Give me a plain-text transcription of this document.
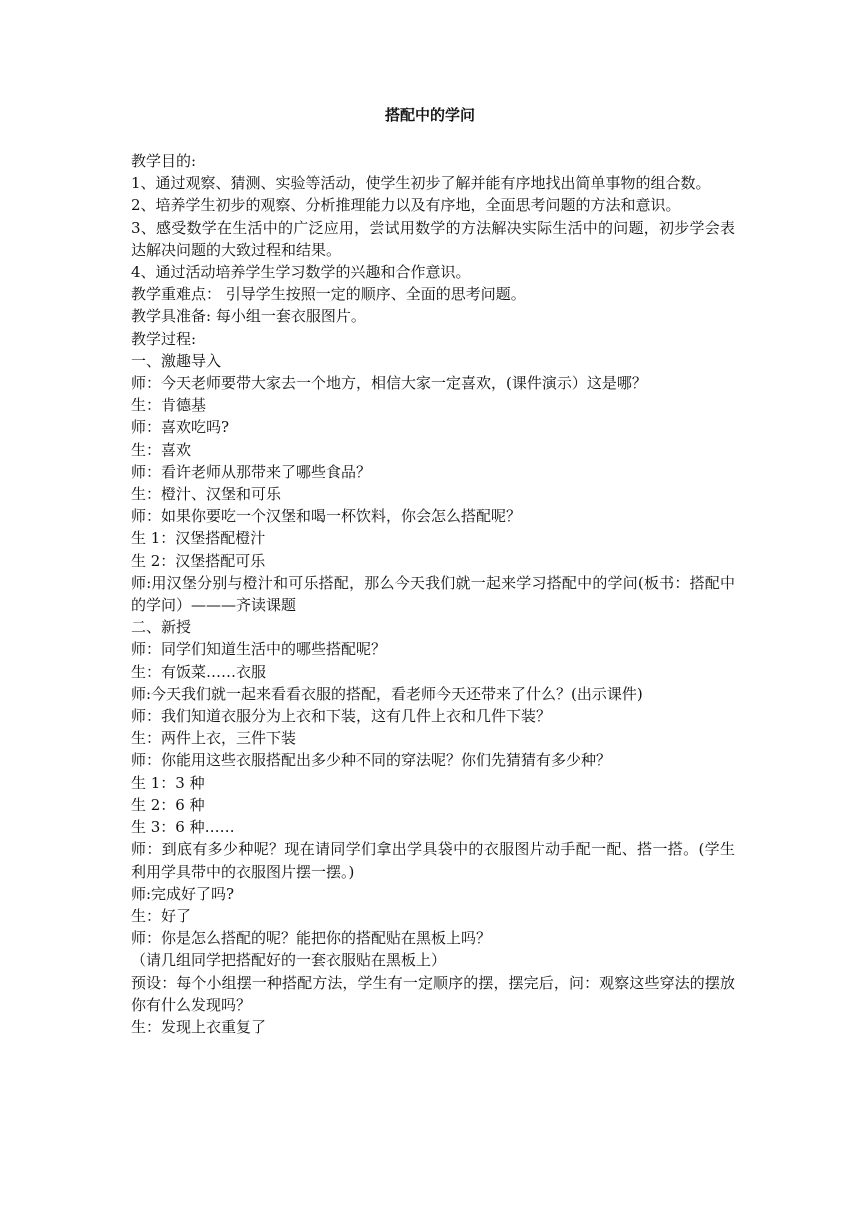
搭配中的学问

教学目的:

1、通过观察、猜测、实验等活动，使学生初步了解并能有序地找出简单事物的组合数。

2、培养学生初步的观察、分析推理能力以及有序地，全面思考问题的方法和意识。

3、感受数学在生活中的广泛应用，尝试用数学的方法解决实际生活中的问题，初步学会表达解决问题的大致过程和结果。

4、通过活动培养学生学习数学的兴趣和合作意识。

教学重难点： 引导学生按照一定的顺序、全面的思考问题。

教学具准备: 每小组一套衣服图片。

教学过程:

一、激趣导入

师：今天老师要带大家去一个地方，相信大家一定喜欢，(课件演示）这是哪？

生：肯德基

师：喜欢吃吗?

生：喜欢

师：看许老师从那带来了哪些食品？

生：橙汁、汉堡和可乐

师：如果你要吃一个汉堡和喝一杯饮料，你会怎么搭配呢？

生 1：汉堡搭配橙汁

生 2：汉堡搭配可乐

师:用汉堡分别与橙汁和可乐搭配，那么今天我们就一起来学习搭配中的学问(板书：搭配中的学问）———齐读课题

二、新授

师：同学们知道生活中的哪些搭配呢？

生：有饭菜……衣服

师:今天我们就一起来看看衣服的搭配，看老师今天还带来了什么？(出示课件)

师：我们知道衣服分为上衣和下装，这有几件上衣和几件下装？

生：两件上衣，三件下装

师：你能用这些衣服搭配出多少种不同的穿法呢？你们先猜猜有多少种？

生 1：3 种

生 2：6 种

生 3：6 种……

师：到底有多少种呢？现在请同学们拿出学具袋中的衣服图片动手配一配、搭一搭。(学生利用学具带中的衣服图片摆一摆。)

师:完成好了吗?

生：好了

师：你是怎么搭配的呢？能把你的搭配贴在黑板上吗？

（请几组同学把搭配好的一套衣服贴在黑板上）

预设：每个小组摆一种搭配方法，学生有一定顺序的摆，摆完后，问：观察这些穿法的摆放你有什么发现吗？

生：发现上衣重复了
